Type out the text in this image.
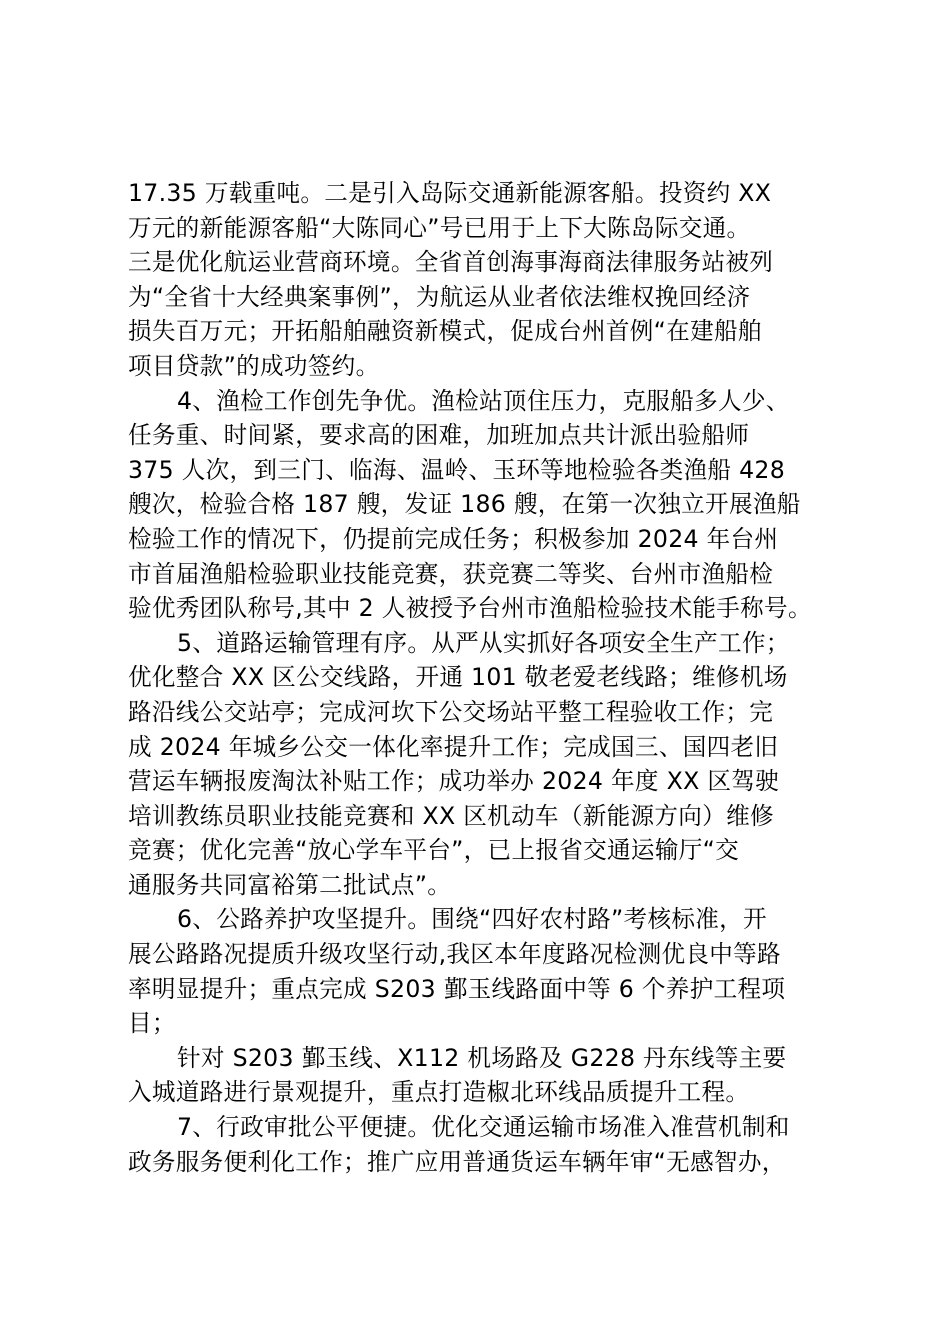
17.35 万载重吨。二是引入岛际交通新能源客船。投资约 XX
万元的新能源客船“大陈同心”号已用于上下大陈岛际交通。
三是优化航运业营商环境。全省首创海事海商法律服务站被列
为“全省十大经典案事例”，为航运从业者依法维权挽回经济
损失百万元；开拓船舶融资新模式，促成台州首例“在建船舶
项目贷款”的成功签约。
4、渔检工作创先争优。渔检站顶住压力，克服船多人少、
任务重、时间紧，要求高的困难，加班加点共计派出验船师
375 人次，到三门、临海、温岭、玉环等地检验各类渔船 428
艘次，检验合格 187 艘，发证 186 艘，在第一次独立开展渔船
检验工作的情况下，仍提前完成任务；积极参加 2024 年台州
市首届渔船检验职业技能竞赛，获竞赛二等奖、台州市渔船检
验优秀团队称号,其中 2 人被授予台州市渔船检验技术能手称号。
5、道路运输管理有序。从严从实抓好各项安全生产工作；
优化整合 XX 区公交线路，开通 101 敬老爱老线路；维修机场
路沿线公交站亭；完成河坎下公交场站平整工程验收工作；完
成 2024 年城乡公交一体化率提升工作；完成国三、国四老旧
营运车辆报废淘汰补贴工作；成功举办 2024 年度 XX 区驾驶
培训教练员职业技能竞赛和 XX 区机动车（新能源方向）维修
竞赛；优化完善“放心学车平台”，已上报省交通运输厅“交
通服务共同富裕第二批试点”。
6、公路养护攻坚提升。围绕“四好农村路”考核标准，开
展公路路况提质升级攻坚行动,我区本年度路况检测优良中等路
率明显提升；重点完成 S203 鄞玉线路面中等 6 个养护工程项
目；
针对 S203 鄞玉线、X112 机场路及 G228 丹东线等主要
入城道路进行景观提升，重点打造椒北环线品质提升工程。
7、行政审批公平便捷。优化交通运输市场准入准营机制和
政务服务便利化工作；推广应用普通货运车辆年审“无感智办，
